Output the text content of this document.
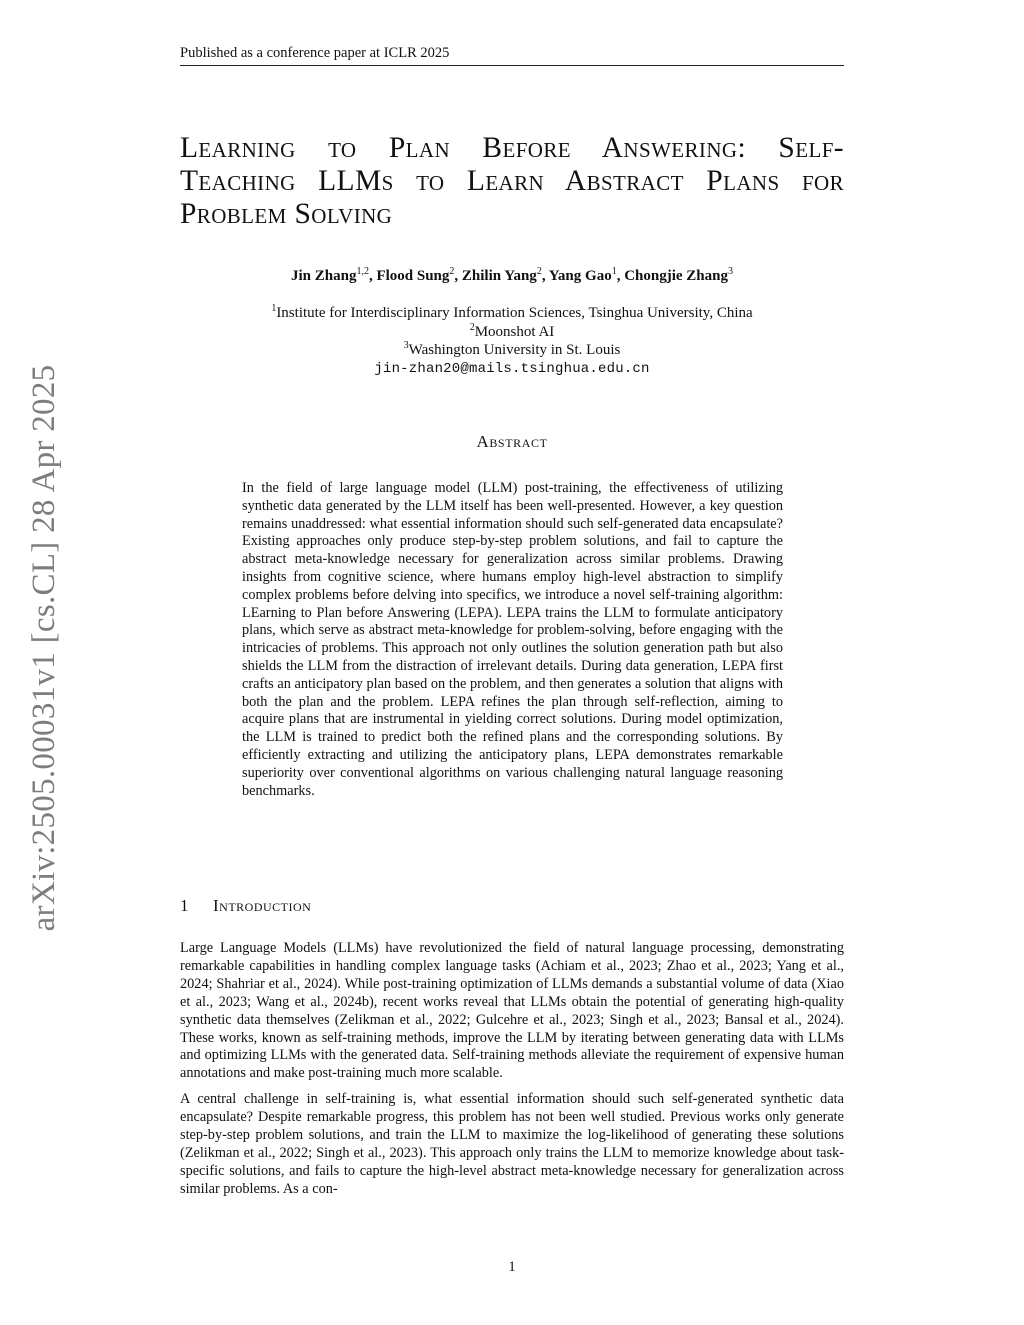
Published as a conference paper at ICLR 2025
arXiv:2505.00031v1 [cs.CL] 28 Apr 2025
Learning to Plan Before Answering: Self-
Teaching LLMs to Learn Abstract Plans for
Problem Solving
Jin Zhang$^{1,2}$, Flood Sung$^2$, Zhilin Yang$^2$, Yang Gao$^1$, Chongjie Zhang$^3$
$^1$Institute for Interdisciplinary Information Sciences, Tsinghua University, China
$^2$Moonshot AI
$^3$Washington University in St. Louis
jin-zhan20@mails.tsinghua.edu.cn
Abstract
In the field of large language model (LLM) post-training, the effectiveness of utilizing synthetic data generated by the LLM itself has been well-presented. However, a key question remains unaddressed: what essential information should such self-generated data encapsulate? Existing approaches only produce step-by-step problem solutions, and fail to capture the abstract meta-knowledge necessary for generalization across similar problems. Drawing insights from cognitive science, where humans employ high-level abstraction to simplify complex problems before delving into specifics, we introduce a novel self-training algorithm: LEarning to Plan before Answering (LEPA). LEPA trains the LLM to formulate anticipatory plans, which serve as abstract meta-knowledge for problem-solving, before engaging with the intricacies of problems. This approach not only outlines the solution generation path but also shields the LLM from the distraction of irrelevant details. During data generation, LEPA first crafts an anticipatory plan based on the problem, and then generates a solution that aligns with both the plan and the problem. LEPA refines the plan through self-reflection, aiming to acquire plans that are instrumental in yielding correct solutions. During model optimization, the LLM is trained to predict both the refined plans and the corresponding solutions. By efficiently extracting and utilizing the anticipatory plans, LEPA demonstrates remarkable superiority over conventional algorithms on various challenging natural language reasoning benchmarks.
1 Introduction

Large Language Models (LLMs) have revolutionized the field of natural language processing, demonstrating remarkable capabilities in handling complex language tasks (Achiam et al., 2023; Zhao et al., 2023; Yang et al., 2024; Shahriar et al., 2024). While post-training optimization of LLMs demands a substantial volume of data (Xiao et al., 2023; Wang et al., 2024b), recent works reveal that LLMs obtain the potential of generating high-quality synthetic data themselves (Zelikman et al., 2022; Gulcehre et al., 2023; Singh et al., 2023; Bansal et al., 2024). These works, known as self-training methods, improve the LLM by iterating between generating data with LLMs and optimizing LLMs with the generated data. Self-training methods alleviate the requirement of expensive human annotations and make post-training much more scalable.

A central challenge in self-training is, what essential information should such self-generated synthetic data encapsulate? Despite remarkable progress, this problem has not been well studied. Previous works only generate step-by-step problem solutions, and train the LLM to maximize the log-likelihood of generating these solutions (Zelikman et al., 2022; Singh et al., 2023). This approach only trains the LLM to memorize knowledge about task-specific solutions, and fails to capture the high-level abstract meta-knowledge necessary for generalization across similar problems. As a con-

1
